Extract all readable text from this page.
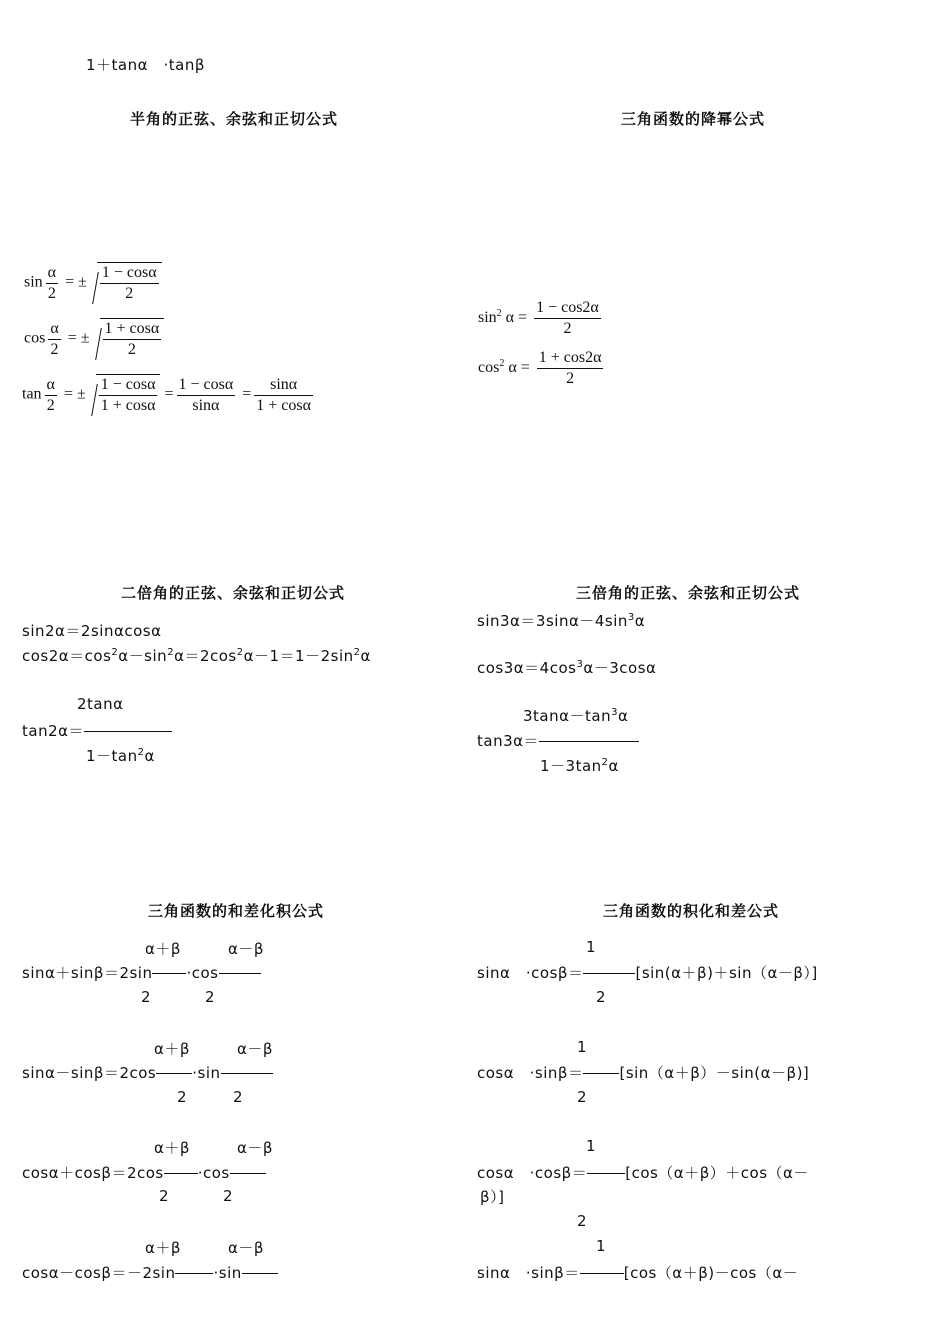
1＋tanα　·tanβ
半角的正弦、余弦和正切公式	三角函数的降幂公式
二倍角的正弦、余弦和正切公式	三倍角的正弦、余弦和正切公式
三角函数的和差化积公式	三角函数的积化和差公式
$\sin \frac{\alpha}{2}$ = ± $\frac{1 - \cos\alpha}{2}$
$\cos \frac{\alpha}{2}$ = ± $\frac{1 + \cos\alpha}{2}$
$\tan \frac{\alpha}{2}$ = ± $\frac{1 - \cos\alpha}{1 + \cos\alpha} = \frac{1 - \cos\alpha}{\sin\alpha} = \frac{\sin\alpha}{1 + \cos\alpha}$
$\sin^2 \alpha = \frac{1 - \cos 2\alpha}{2}$
$\cos^2 \alpha = \frac{1 + \cos 2\alpha}{2}$
sin2α＝2sinαcosα
$\cos 2\alpha=\cos^2\alpha-\sin^2\alpha=2\cos^2\alpha-1=1-2\sin^2\alpha$
2tanα
tan2α＝
$1-\tan^2\alpha$
$\sin 3\alpha=3\sin\alpha-4\sin^3\alpha$
$\cos 3\alpha=4\cos^3\alpha-3\cos\alpha$
$3\tan\alpha-\tan^3\alpha$
tan3α＝
$1-3\tan^2\alpha$
α＋β	α－β
sinα＋sinβ＝2sin ·cos
2	2
α＋β	α－β
sinα－sinβ＝2cos ·sin
2	2
α＋β	α－β
cosα＋cosβ＝2cos ·cos
2	2
α＋β	α－β
cosα－cosβ＝－2sin	·sin
1
sinα　·cosβ＝	[sin(α＋β)＋sin（α－β）]
2
1
cosα　·sinβ＝ [sin（α＋β）－sin(α－β)]
2
1
cosα　·cosβ＝	[cos（α＋β）＋cos（α－
β）]
2
1
sinα　·sinβ＝	[cos（α＋β)－cos（α－
